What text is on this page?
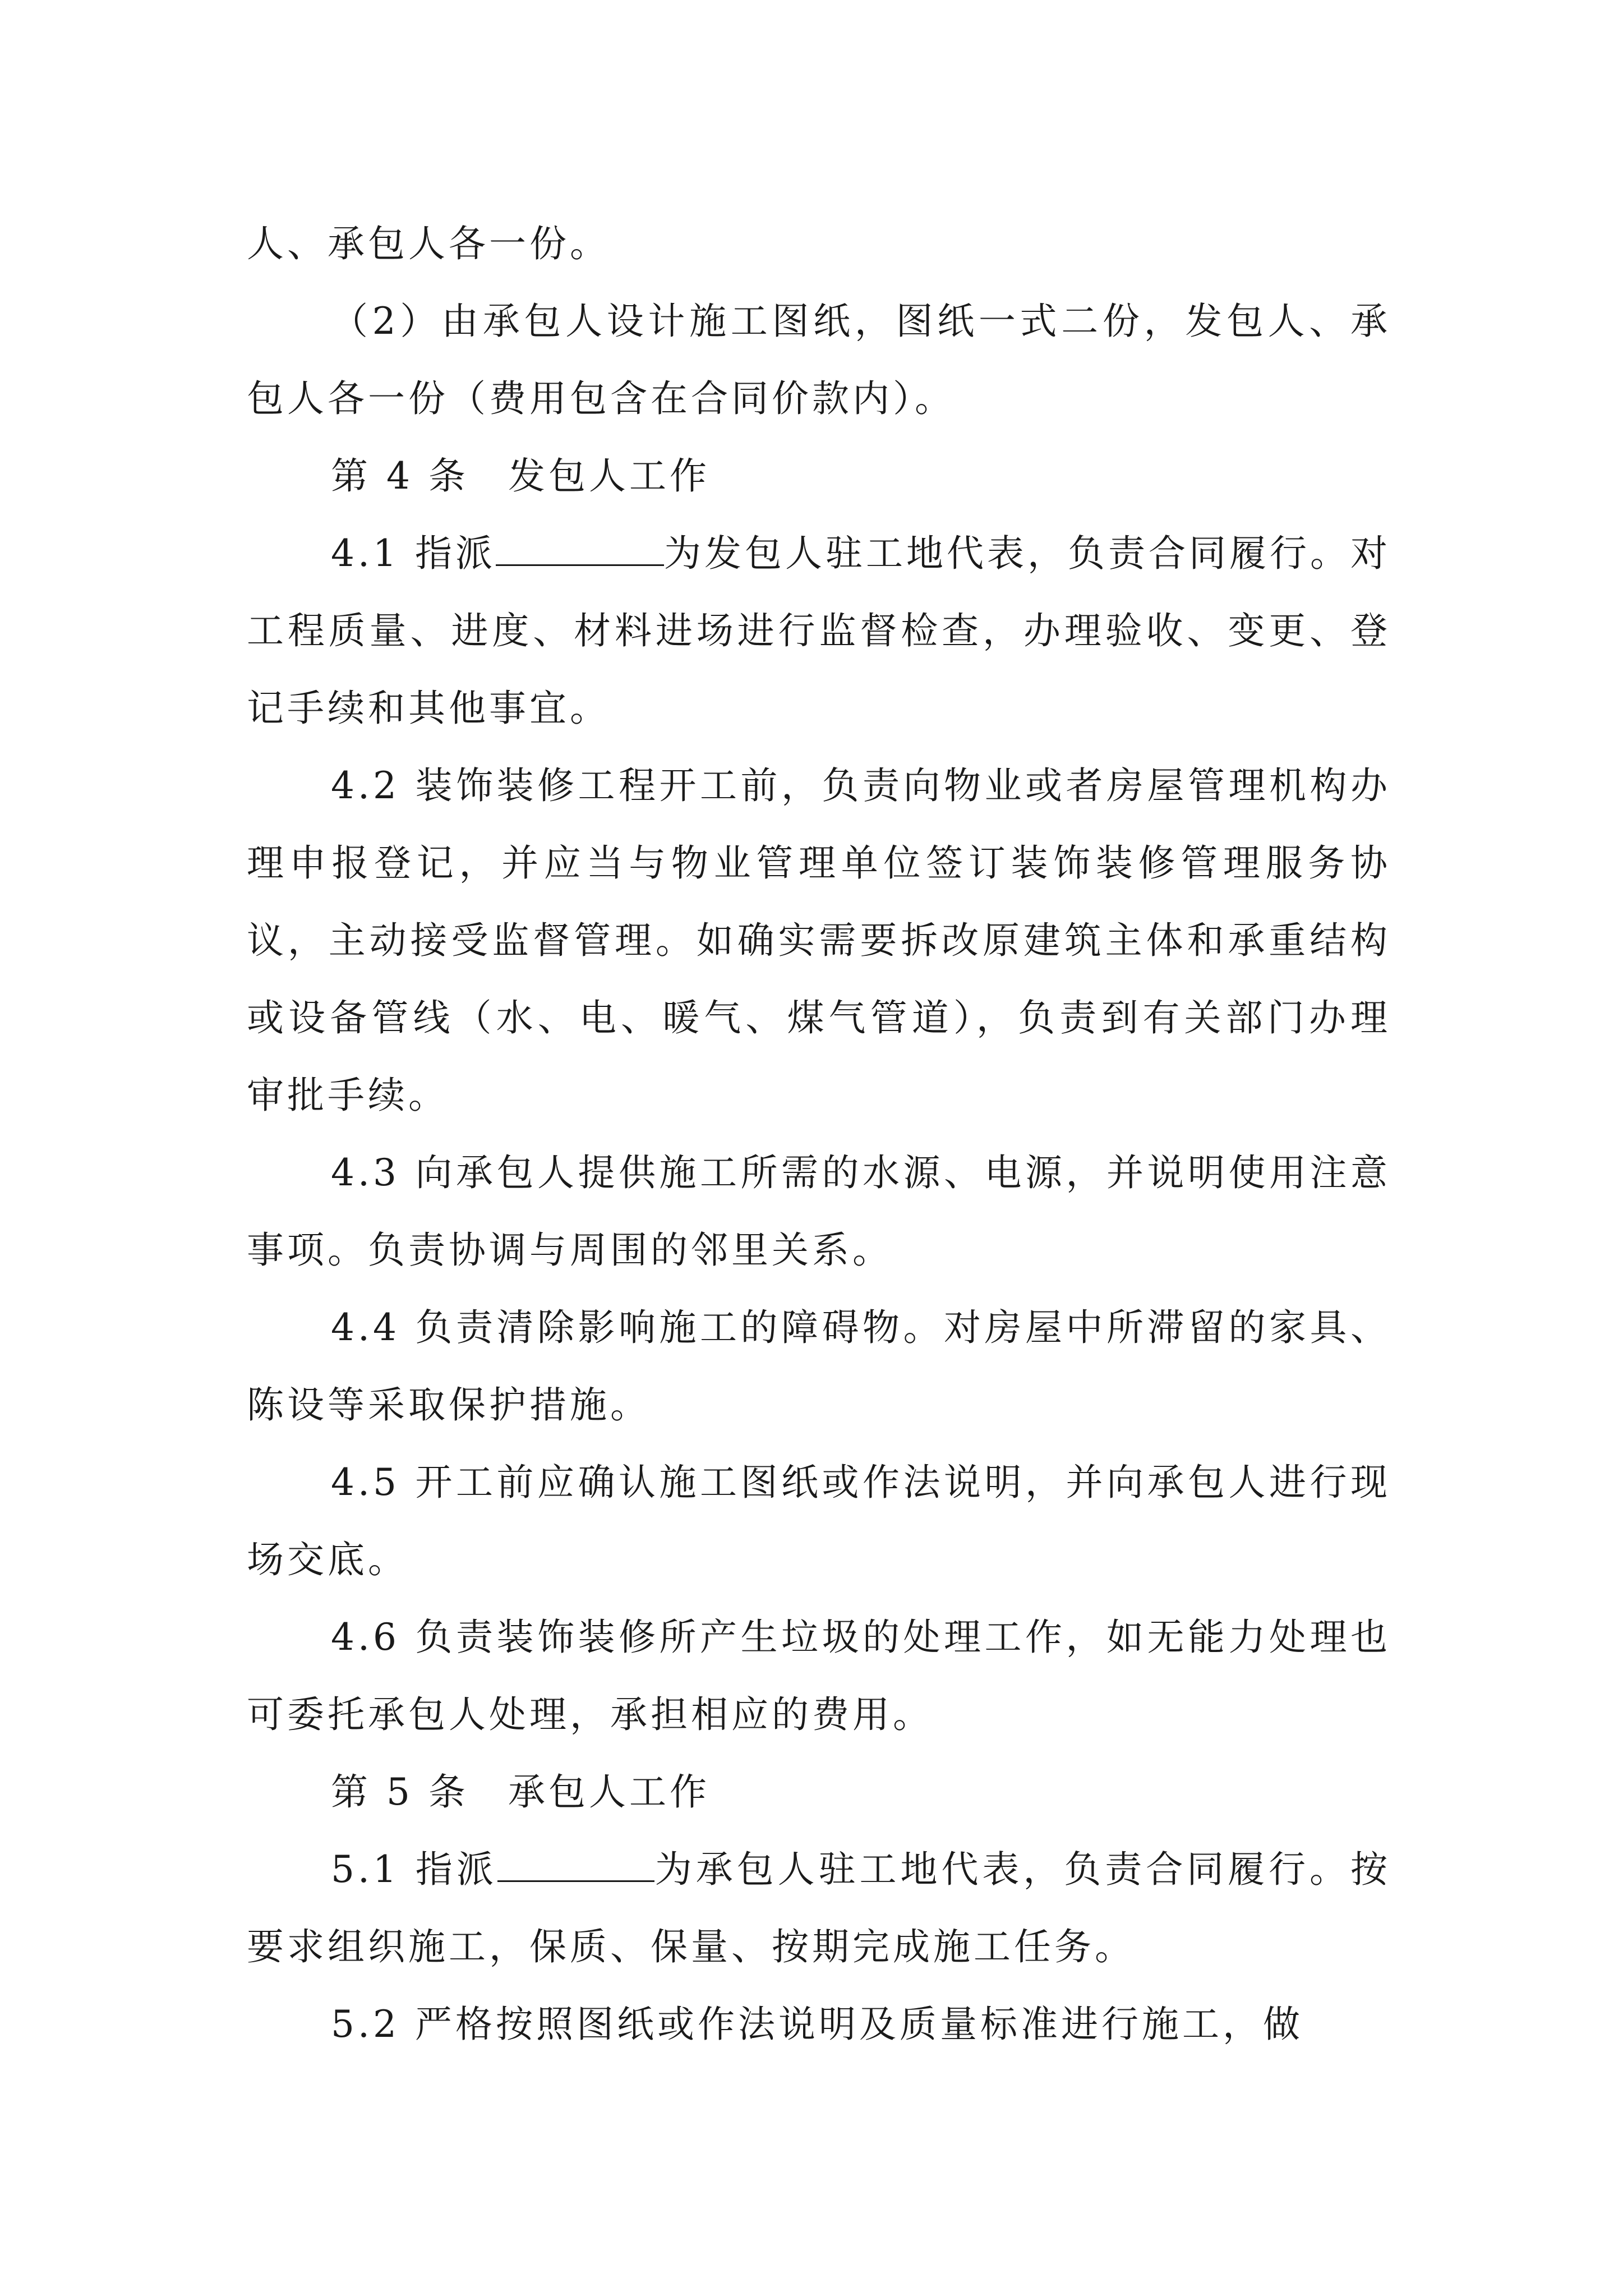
人、承包人各一份。

（2）由承包人设计施工图纸，图纸一式二份，发包人、承包人各一份（费用包含在合同价款内）。

第 4 条 发包人工作

4.1 指派	为发包人驻工地代表，负责合同履行。对工程质量、进度、材料进场进行监督检查，办理验收、变更、登记手续和其他事宜。

4.2 装饰装修工程开工前，负责向物业或者房屋管理机构办理申报登记，并应当与物业管理单位签订装饰装修管理服务协议，主动接受监督管理。如确实需要拆改原建筑主体和承重结构或设备管线（水、电、暖气、煤气管道），负责到有关部门办理审批手续。

4.3 向承包人提供施工所需的水源、电源，并说明使用注意事项。负责协调与周围的邻里关系。

4.4 负责清除影响施工的障碍物。对房屋中所滞留的家具、陈设等采取保护措施。

4.5 开工前应确认施工图纸或作法说明，并向承包人进行现场交底。

4.6 负责装饰装修所产生垃圾的处理工作，如无能力处理也可委托承包人处理，承担相应的费用。

第 5 条 承包人工作

5.1 指派	为承包人驻工地代表，负责合同履行。按要求组织施工，保质、保量、按期完成施工任务。

5.2 严格按照图纸或作法说明及质量标准进行施工，做
